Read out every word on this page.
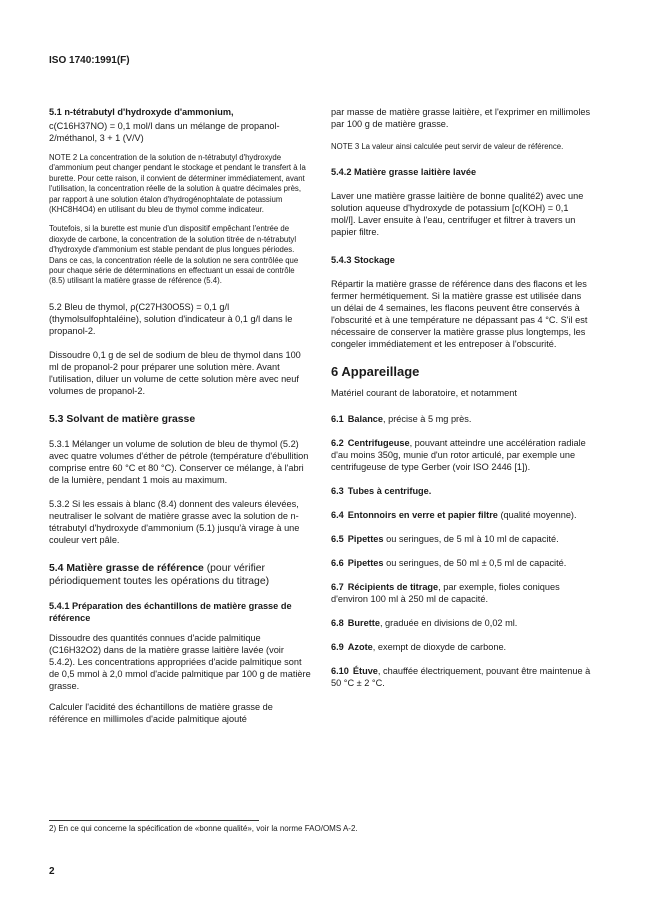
ISO 1740:1991(F)
5.1 n-tétrabutyl d'hydroxyde d'ammonium,

c(C16H37NO) = 0,1 mol/l dans un mélange de propanol-2/méthanol, 3 + 1 (V/V)

NOTE 2 La concentration de la solution de n-tétrabutyl d'hydroxyde d'ammonium peut changer pendant le stockage et pendant le transfert à la burette. Pour cette raison, il convient de déterminer immédiatement, avant l'utilisation, la concentration réelle de la solution à quatre décimales près, par rapport à une solution étalon d'hydrogénophtalate de potassium (KHC8H4O4) en utilisant du bleu de thymol comme indicateur.

Toutefois, si la burette est munie d'un dispositif empêchant l'entrée de dioxyde de carbone, la concentration de la solution titrée de n-tétrabutyl d'hydroxyde d'ammonium est stable pendant de plus longues périodes. Dans ce cas, la concentration réelle de la solution ne sera contrôlée que pour chaque série de déterminations en effectuant un essai de contrôle (8.5) utilisant la matière grasse de référence (5.4).

5.2 Bleu de thymol, ρ(C27H30O5S) = 0,1 g/l (thymolsulfophtaléine), solution d'indicateur à 0,1 g/l dans le propanol-2.

Dissoudre 0,1 g de sel de sodium de bleu de thymol dans 100 ml de propanol-2 pour préparer une solution mère. Avant l'utilisation, diluer un volume de cette solution mère avec neuf volumes de propanol-2.

5.3 Solvant de matière grasse

5.3.1 Mélanger un volume de solution de bleu de thymol (5.2) avec quatre volumes d'éther de pétrole (température d'ébullition comprise entre 60 °C et 80 °C). Conserver ce mélange, à l'abri de la lumière, pendant 1 mois au maximum.

5.3.2 Si les essais à blanc (8.4) donnent des valeurs élevées, neutraliser le solvant de matière grasse avec la solution de n-tétrabutyl d'hydroxyde d'ammonium (5.1) jusqu'à virage à une couleur vert pâle.

5.4 Matière grasse de référence (pour vérifier périodiquement toutes les opérations du titrage)
5.4.1 Préparation des échantillons de matière grasse de référence

Dissoudre des quantités connues d'acide palmitique (C16H32O2) dans de la matière grasse laitière lavée (voir 5.4.2). Les concentrations appropriées d'acide palmitique sont de 0,5 mmol à 2,0 mmol d'acide palmitique par 100 g de matière grasse.

Calculer l'acidité des échantillons de matière grasse de référence en millimoles d'acide palmitique ajouté

par masse de matière grasse laitière, et l'exprimer en millimoles par 100 g de matière grasse.

NOTE 3 La valeur ainsi calculée peut servir de valeur de référence.

5.4.2 Matière grasse laitière lavée

Laver une matière grasse laitière de bonne qualité2) avec une solution aqueuse d'hydroxyde de potassium [c(KOH) = 0,1 mol/l]. Laver ensuite à l'eau, centrifuger et filtrer à travers un papier filtre.

5.4.3 Stockage

Répartir la matière grasse de référence dans des flacons et les fermer hermétiquement. Si la matière grasse est utilisée dans un délai de 4 semaines, les flacons peuvent être conservés à l'obscurité et à une température ne dépassant pas 4 °C. S'il est nécessaire de conserver la matière grasse plus longtemps, les congeler immédiatement et les entreposer à l'obscurité.

6 Appareillage

Matériel courant de laboratoire, et notamment

6.1 Balance, précise à 5 mg près.
6.2 Centrifugeuse, pouvant atteindre une accélération radiale d'au moins 350g, munie d'un rotor articulé, par exemple une centrifugeuse de type Gerber (voir ISO 2446 [1]).
6.3 Tubes à centrifuge.
6.4 Entonnoirs en verre et papier filtre (qualité moyenne).
6.5 Pipettes ou seringues, de 5 ml à 10 ml de capacité.
6.6 Pipettes ou seringues, de 50 ml ± 0,5 ml de capacité.
6.7 Récipients de titrage, par exemple, fioles coniques d'environ 100 ml à 250 ml de capacité.
6.8 Burette, graduée en divisions de 0,02 ml.
6.9 Azote, exempt de dioxyde de carbone.
6.10 Étuve, chauffée électriquement, pouvant être maintenue à 50 °C ± 2 °C.
2) En ce qui concerne la spécification de «bonne qualité», voir la norme FAO/OMS A-2.
2
